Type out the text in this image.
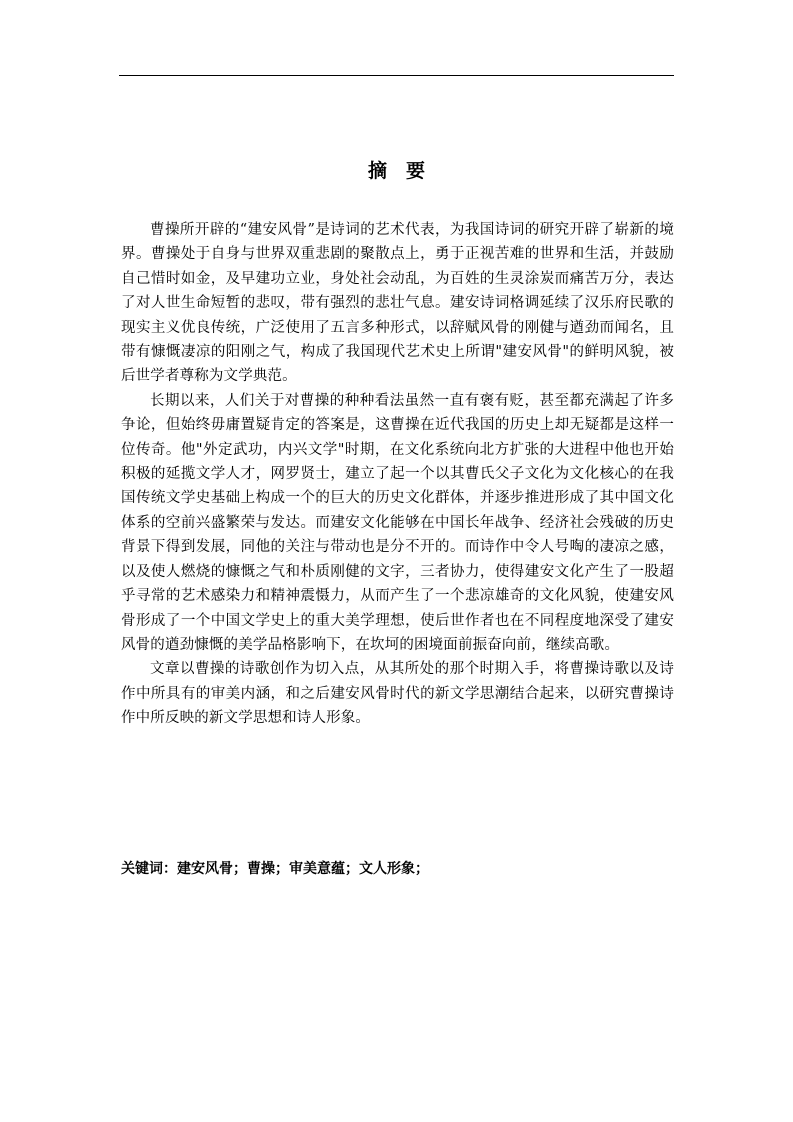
摘 要

曹操所开辟的“建安风骨”是诗词的艺术代表，为我国诗词的研究开辟了崭新的境界。曹操处于自身与世界双重悲剧的聚散点上，勇于正视苦难的世界和生活，并鼓励自己惜时如金，及早建功立业，身处社会动乱，为百姓的生灵涂炭而痛苦万分，表达了对人世生命短暂的悲叹，带有强烈的悲壮气息。建安诗词格调延续了汉乐府民歌的现实主义优良传统，广泛使用了五言多种形式，以辞赋风骨的刚健与遒劲而闻名，且带有慷慨凄凉的阳刚之气，构成了我国现代艺术史上所谓"建安风骨"的鲜明风貌，被后世学者尊称为文学典范。

长期以来，人们关于对曹操的种种看法虽然一直有褒有贬，甚至都充满起了许多争论，但始终毋庸置疑肯定的答案是，这曹操在近代我国的历史上却无疑都是这样一位传奇。他"外定武功，内兴文学"时期，在文化系统向北方扩张的大进程中他也开始积极的延揽文学人才，网罗贤士，建立了起一个以其曹氏父子文化为文化核心的在我国传统文学史基础上构成一个的巨大的历史文化群体，并逐步推进形成了其中国文化体系的空前兴盛繁荣与发达。而建安文化能够在中国长年战争、经济社会残破的历史背景下得到发展，同他的关注与带动也是分不开的。而诗作中令人号啕的凄凉之感，以及使人燃烧的慷慨之气和朴质刚健的文字，三者协力，使得建安文化产生了一股超乎寻常的艺术感染力和精神震慑力，从而产生了一个悲凉雄奇的文化风貌，使建安风骨形成了一个中国文学史上的重大美学理想，使后世作者也在不同程度地深受了建安风骨的遒劲慷慨的美学品格影响下，在坎坷的困境面前振奋向前，继续高歌。

文章以曹操的诗歌创作为切入点，从其所处的那个时期入手，将曹操诗歌以及诗作中所具有的审美内涵，和之后建安风骨时代的新文学思潮结合起来，以研究曹操诗作中所反映的新文学思想和诗人形象。

关键词：建安风骨；曹操；审美意蕴；文人形象；
